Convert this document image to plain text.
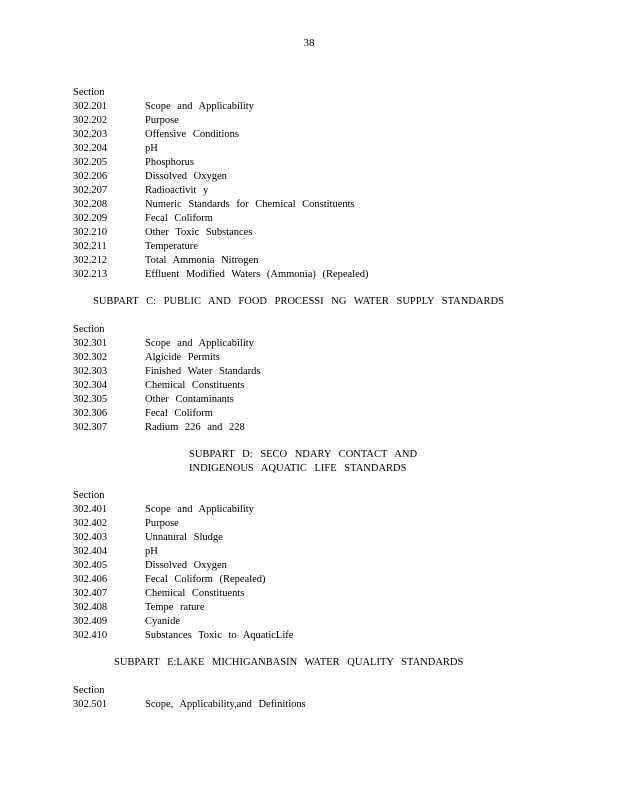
38
Section
302.201	Scope and Applicability
302.202	Purpose
302.203	Offensive Conditions
302.204	pH
302.205	Phosphorus
302.206	Dissolved Oxygen
302.207	Radioactivit y
302.208	Numeric Standards for Chemical Constituents
302.209	Fecal Coliform
302.210	Other Toxic Substances
302.211	Temperature
302.212	Total Ammonia Nitrogen
302.213	Effluent Modified Waters (Ammonia) (Repealed)
SUBPART C: PUBLIC AND FOOD PROCESSI NG WATER SUPPLY STANDARDS
Section
302.301	Scope and Applicability
302.302	Algicide Permits
302.303	Finished Water Standards
302.304	Chemical Constituents
302.305	Other Contaminants
302.306	Fecal Coliform
302.307	Radium 226 and 228
SUBPART D: SECO NDARY CONTACT AND
INDIGENOUS AQUATIC LIFE STANDARDS
Section
302.401	Scope and Applicability
302.402	Purpose
302.403	Unnatural Sludge
302.404	pH
302.405	Dissolved Oxygen
302.406	Fecal Coliform (Repealed)
302.407	Chemical Constituents
302.408	Tempe rature
302.409	Cyanide
302.410	Substances Toxic to AquaticLife
SUBPART E:LAKE MICHIGANBASIN WATER QUALITY STANDARDS
Section
302.501	Scope, Applicability,and Definitions
